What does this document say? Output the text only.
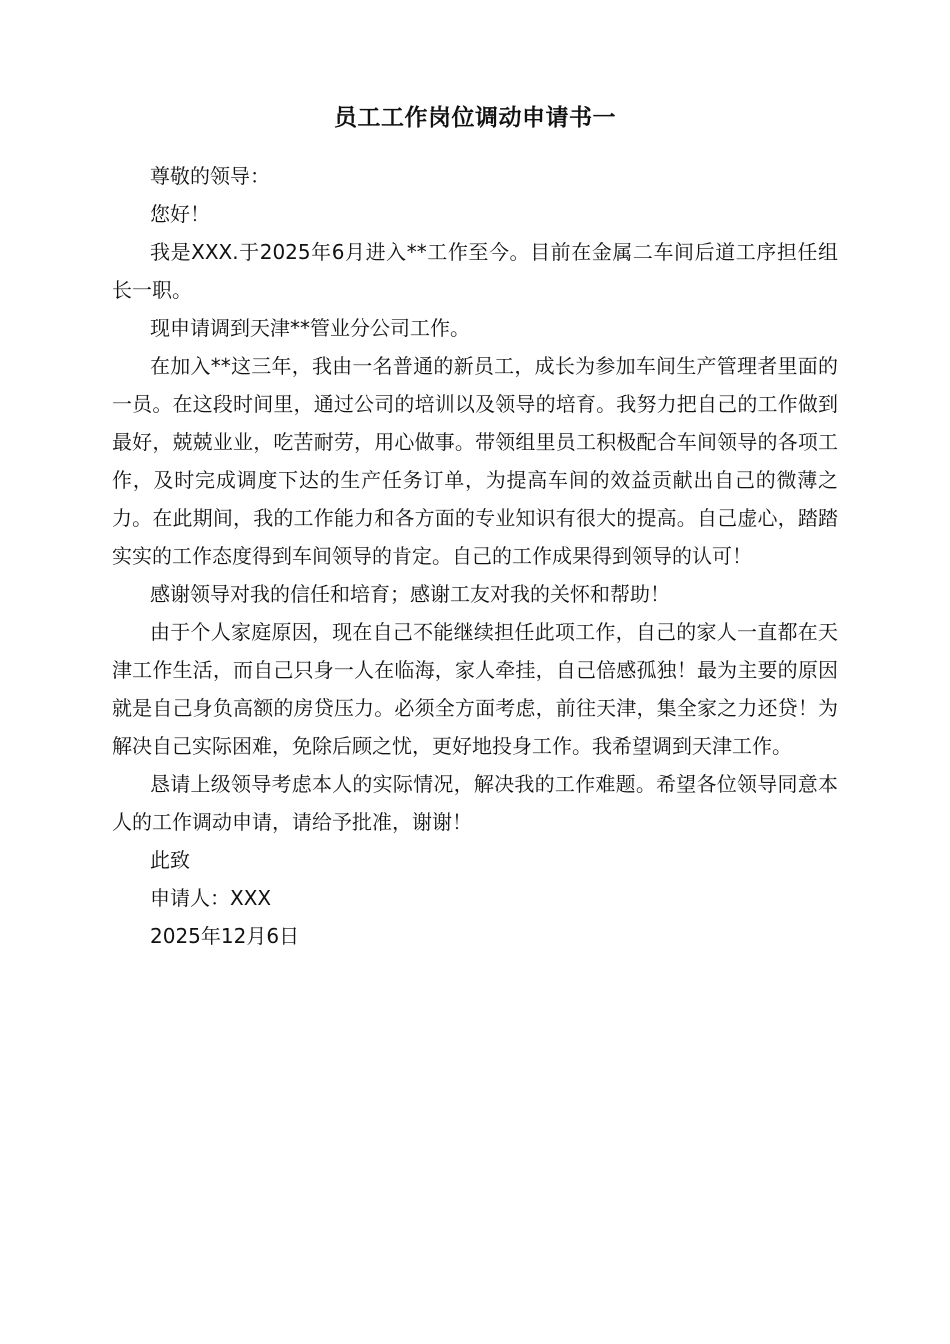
员工工作岗位调动申请书一

尊敬的领导：

您好！

我是XXX.于2025年6月进入**工作至今。目前在金属二车间后道工序担任组长一职。

现申请调到天津**管业分公司工作。

在加入**这三年，我由一名普通的新员工，成长为参加车间生产管理者里面的一员。在这段时间里，通过公司的培训以及领导的培育。我努力把自己的工作做到最好，兢兢业业，吃苦耐劳，用心做事。带领组里员工积极配合车间领导的各项工作，及时完成调度下达的生产任务订单，为提高车间的效益贡献出自己的微薄之力。在此期间，我的工作能力和各方面的专业知识有很大的提高。自己虚心，踏踏实实的工作态度得到车间领导的肯定。自己的工作成果得到领导的认可！

感谢领导对我的信任和培育；感谢工友对我的关怀和帮助！

由于个人家庭原因，现在自己不能继续担任此项工作，自己的家人一直都在天津工作生活，而自己只身一人在临海，家人牵挂，自己倍感孤独！最为主要的原因就是自己身负高额的房贷压力。必须全方面考虑，前往天津，集全家之力还贷！为解决自己实际困难，免除后顾之忧，更好地投身工作。我希望调到天津工作。

恳请上级领导考虑本人的实际情况，解决我的工作难题。希望各位领导同意本人的工作调动申请，请给予批准，谢谢！

此致

申请人：XXX

2025年12月6日
